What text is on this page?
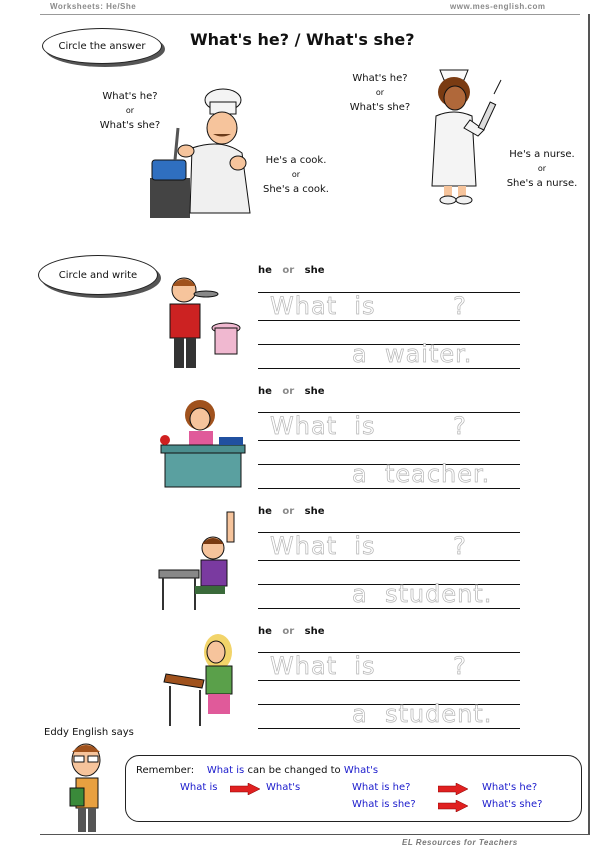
Worksheets: He/She	www.mes-english.com
EL Resources for Teachers
Circle the answer	What's he? / What's she?
What's he?
or
What's she?
He's a cook.
or
She's a cook.
What's he?
or
What's she?
He's a nurse.
or
She's a nurse.
Circle and write	he or she
What  is         ?
a  waiter.
he or she
What  is         ?
a  teacher.
he or she
What  is         ?
a  student.
he or she
What  is         ?
a  student.
Eddy English says
Remember: What is can be changed to What's
What is	What's	What is he?	What's he?
What is she?	What's she?
